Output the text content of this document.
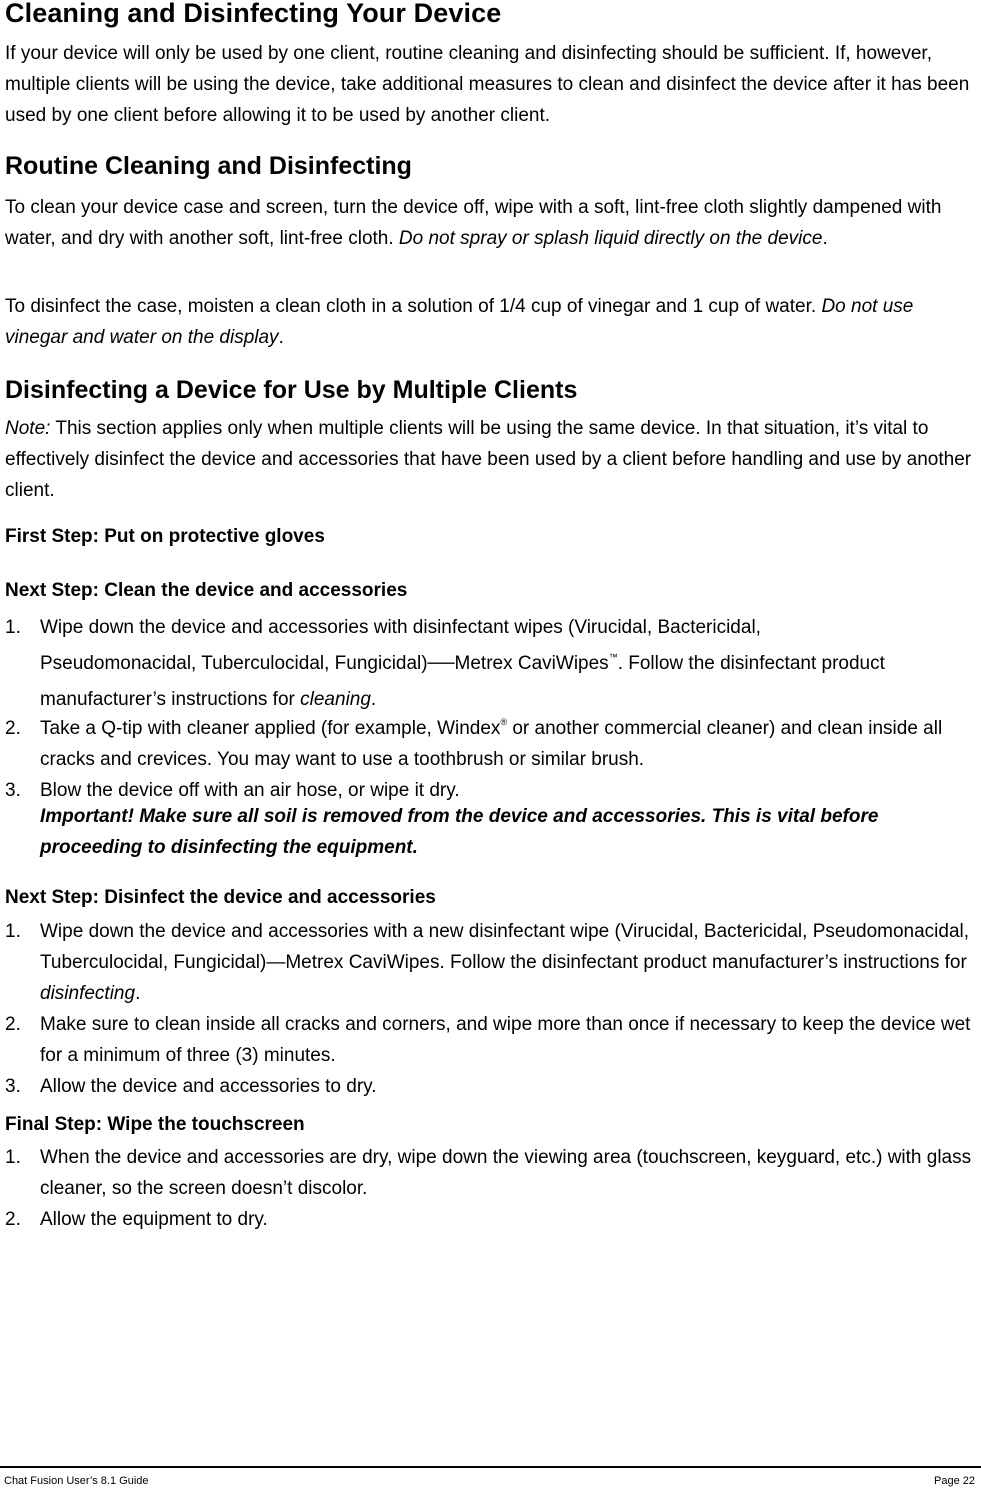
Cleaning and Disinfecting Your Device

If your device will only be used by one client, routine cleaning and disinfecting should be sufficient. If, however, multiple clients will be using the device, take additional measures to clean and disinfect the device after it has been used by one client before allowing it to be used by another client.

Routine Cleaning and Disinfecting

To clean your device case and screen, turn the device off, wipe with a soft, lint-free cloth slightly dampened with water, and dry with another soft, lint-free cloth. Do not spray or splash liquid directly on the device.

To disinfect the case, moisten a clean cloth in a solution of 1/4 cup of vinegar and 1 cup of water. Do not use vinegar and water on the display.

Disinfecting a Device for Use by Multiple Clients

Note: This section applies only when multiple clients will be using the same device. In that situation, it’s vital to effectively disinfect the device and accessories that have been used by a client before handling and use by another client.

First Step: Put on protective gloves
Next Step: Clean the device and accessories
1. Wipe down the device and accessories with disinfectant wipes (Virucidal, Bactericidal,
Pseudomonacidal, Tuberculocidal, Fungicidal)──Metrex CaviWipes™. Follow the disinfectant product
manufacturer’s instructions for cleaning.
2. Take a Q-tip with cleaner applied (for example, Windex® or another commercial cleaner) and clean inside all cracks and crevices. You may want to use a toothbrush or similar brush.
3. Blow the device off with an air hose, or wipe it dry.
Important! Make sure all soil is removed from the device and accessories. This is vital before proceeding to disinfecting the equipment.
Next Step: Disinfect the device and accessories
1. Wipe down the device and accessories with a new disinfectant wipe (Virucidal, Bactericidal, Pseudomonacidal, Tuberculocidal, Fungicidal)—Metrex CaviWipes. Follow the disinfectant product manufacturer’s instructions for disinfecting.
2. Make sure to clean inside all cracks and corners, and wipe more than once if necessary to keep the device wet for a minimum of three (3) minutes.
3. Allow the device and accessories to dry.
Final Step: Wipe the touchscreen
1. When the device and accessories are dry, wipe down the viewing area (touchscreen, keyguard, etc.) with glass cleaner, so the screen doesn’t discolor.
2. Allow the equipment to dry.
Chat Fusion User’s 8.1 Guide	Page 22
